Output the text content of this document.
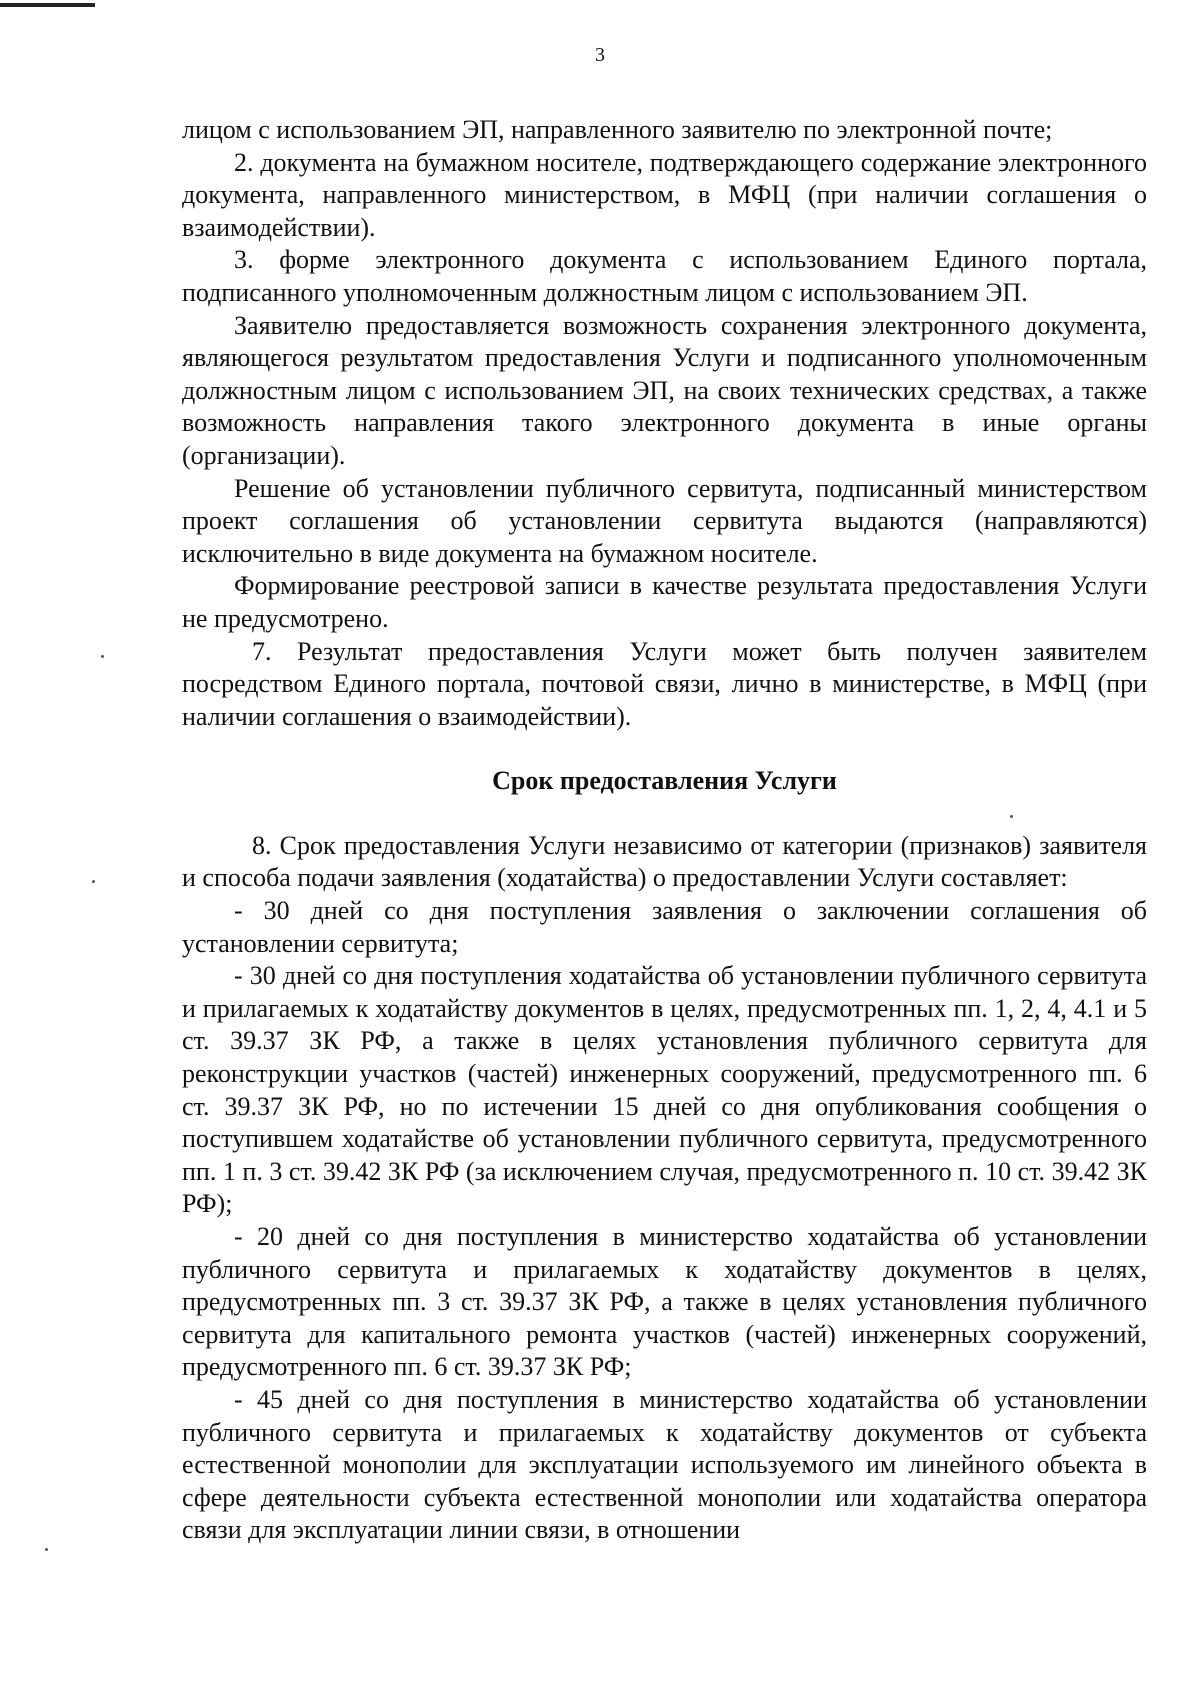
3

лицом с использованием ЭП, направленного заявителю по электронной почте;

2. документа на бумажном носителе, подтверждающего содержание электронного документа, направленного министерством, в МФЦ (при наличии соглашения о взаимодействии).

3. форме электронного документа с использованием Единого портала, подписанного уполномоченным должностным лицом с использованием ЭП.

Заявителю предоставляется возможность сохранения электронного документа, являющегося результатом предоставления Услуги и подписанного уполномоченным должностным лицом с использованием ЭП, на своих технических средствах, а также возможность направления такого электронного документа в иные органы (организации).

Решение об установлении публичного сервитута, подписанный министерством проект соглашения об установлении сервитута выдаются (направляются) исключительно в виде документа на бумажном носителе.

Формирование реестровой записи в качестве результата предоставления Услуги не предусмотрено.

7. Результат предоставления Услуги может быть получен заявителем посредством Единого портала, почтовой связи, лично в министерстве, в МФЦ (при наличии соглашения о взаимодействии).

Срок предоставления Услуги

8. Срок предоставления Услуги независимо от категории (признаков) заявителя и способа подачи заявления (ходатайства) о предоставлении Услуги составляет:

- 30 дней со дня поступления заявления о заключении соглашения об установлении сервитута;

- 30 дней со дня поступления ходатайства об установлении публичного сервитута и прилагаемых к ходатайству документов в целях, предусмотренных пп. 1, 2, 4, 4.1 и 5 ст. 39.37 ЗК РФ, а также в целях установления публичного сервитута для реконструкции участков (частей) инженерных сооружений, предусмотренного пп. 6 ст. 39.37 ЗК РФ, но по истечении 15 дней со дня опубликования сообщения о поступившем ходатайстве об установлении публичного сервитута, предусмотренного пп. 1 п. 3 ст. 39.42 ЗК РФ (за исключением случая, предусмотренного п. 10 ст. 39.42 ЗК РФ);

- 20 дней со дня поступления в министерство ходатайства об установлении публичного сервитута и прилагаемых к ходатайству документов в целях, предусмотренных пп. 3 ст. 39.37 ЗК РФ, а также в целях установления публичного сервитута для капитального ремонта участков (частей) инженерных сооружений, предусмотренного пп. 6 ст. 39.37 ЗК РФ;

- 45 дней со дня поступления в министерство ходатайства об установлении публичного сервитута и прилагаемых к ходатайству документов от субъекта естественной монополии для эксплуатации используемого им линейного объекта в сфере деятельности субъекта естественной монополии или ходатайства оператора связи для эксплуатации линии связи, в отношении
